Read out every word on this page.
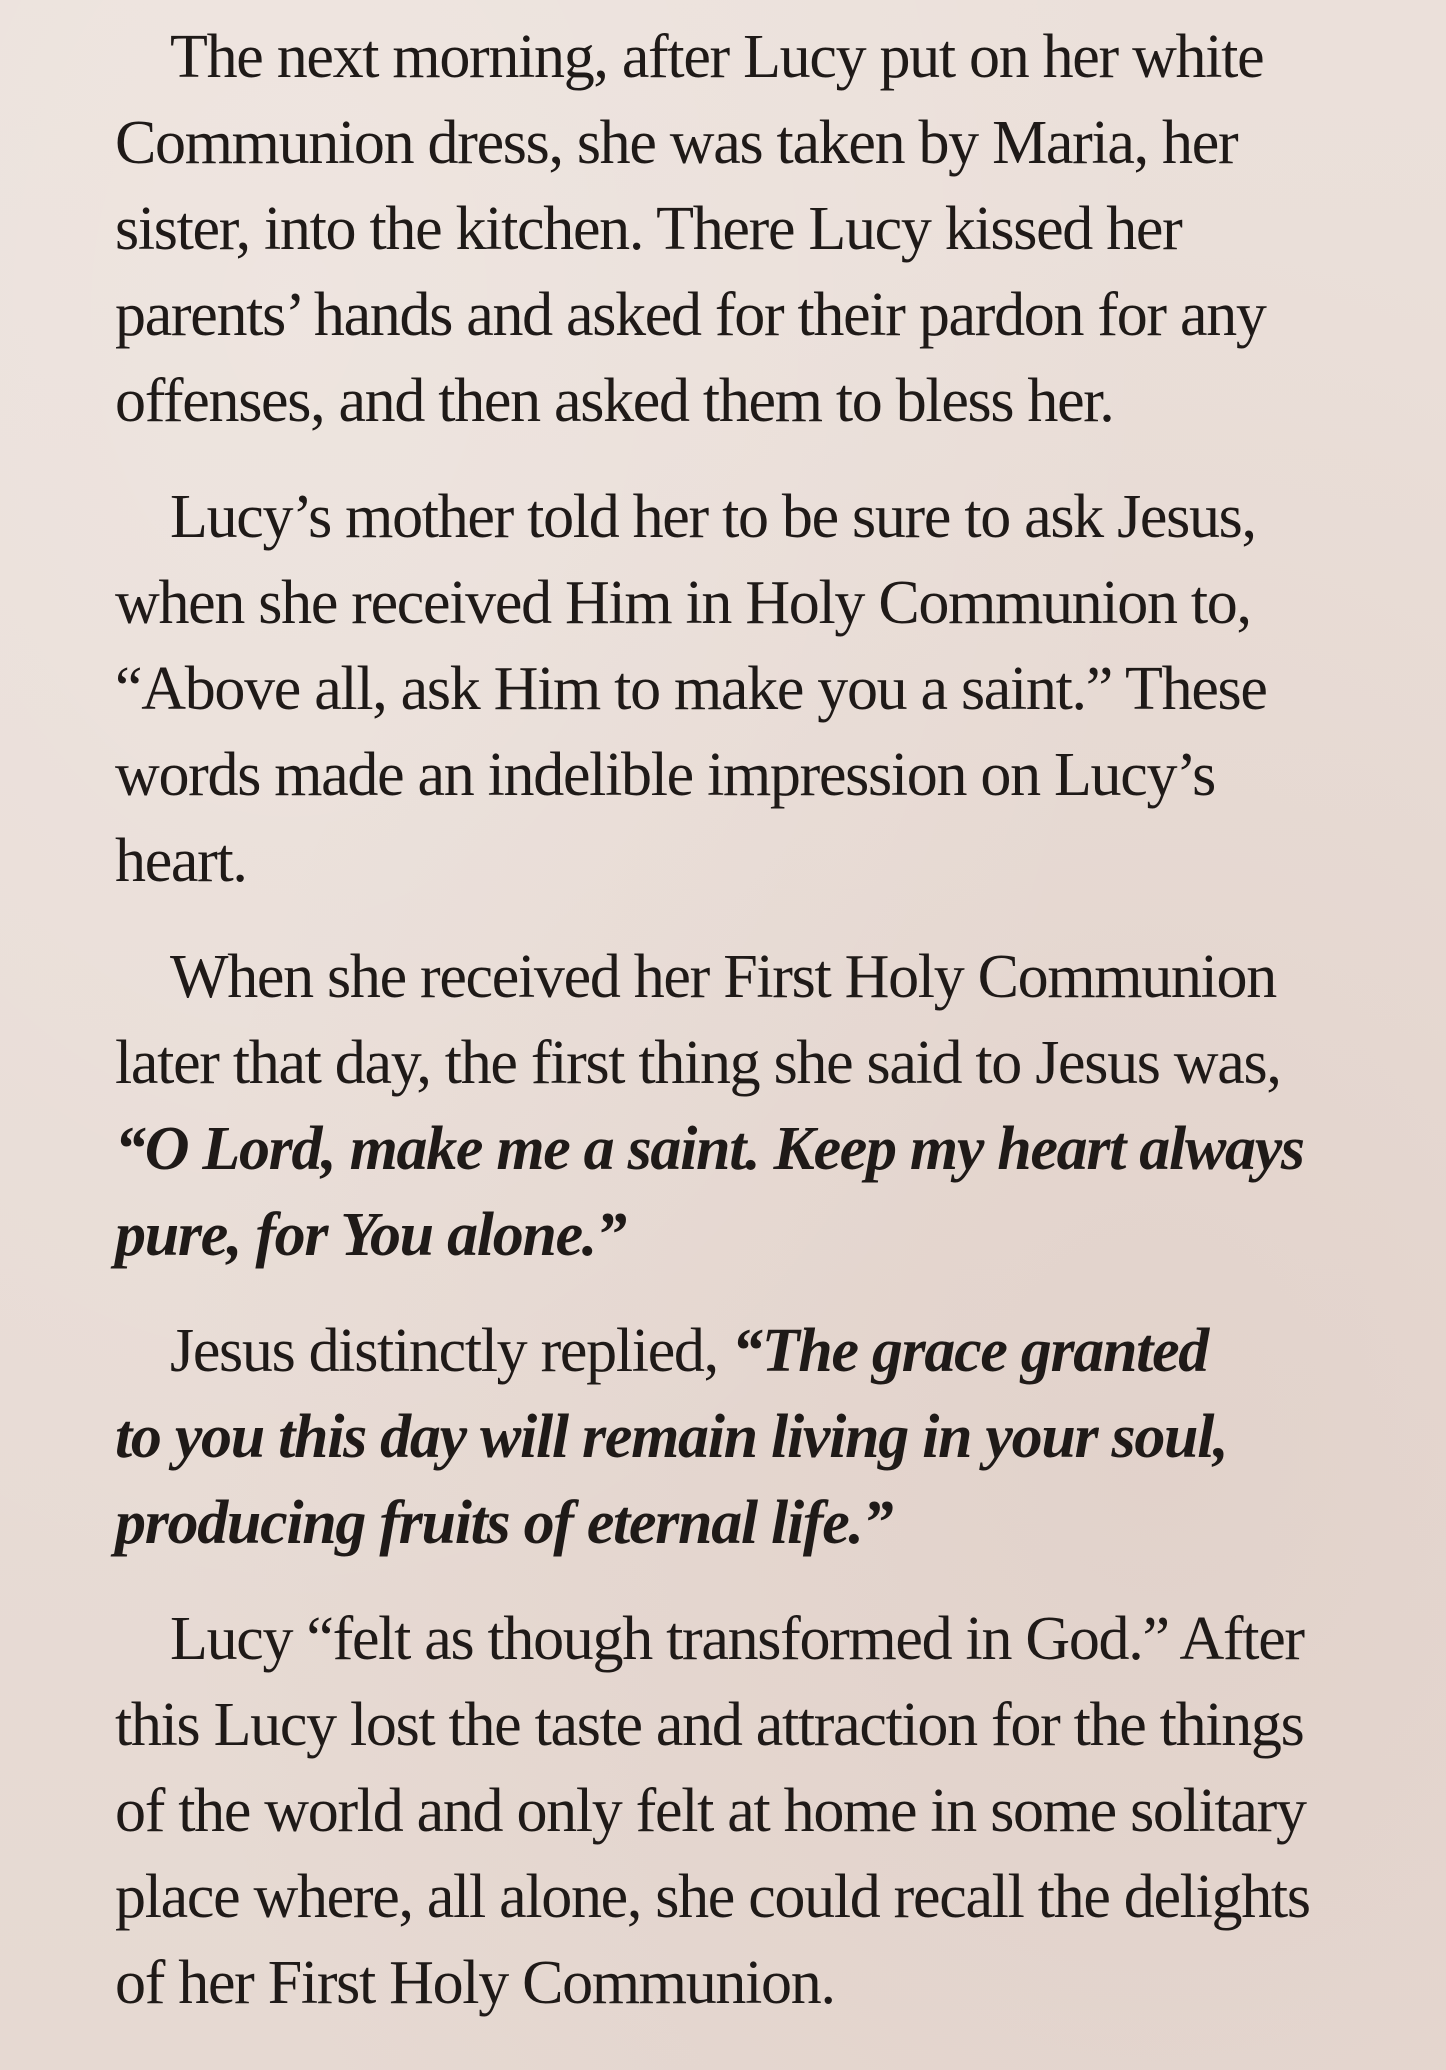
The next morning, after Lucy put on her white
Communion dress, she was taken by Maria, her
sister, into the kitchen. There Lucy kissed her
parents’ hands and asked for their pardon for any
offenses, and then asked them to bless her.

Lucy’s mother told her to be sure to ask Jesus,
when she received Him in Holy Communion to,
“Above all, ask Him to make you a saint.” These
words made an indelible impression on Lucy’s
heart.

When she received her First Holy Communion
later that day, the first thing she said to Jesus was,
“O Lord, make me a saint. Keep my heart always
pure, for You alone.”

Jesus distinctly replied, “The grace granted
to you this day will remain living in your soul,
producing fruits of eternal life.”

Lucy “felt as though transformed in God.” After
this Lucy lost the taste and attraction for the things
of the world and only felt at home in some solitary
place where, all alone, she could recall the delights
of her First Holy Communion.
